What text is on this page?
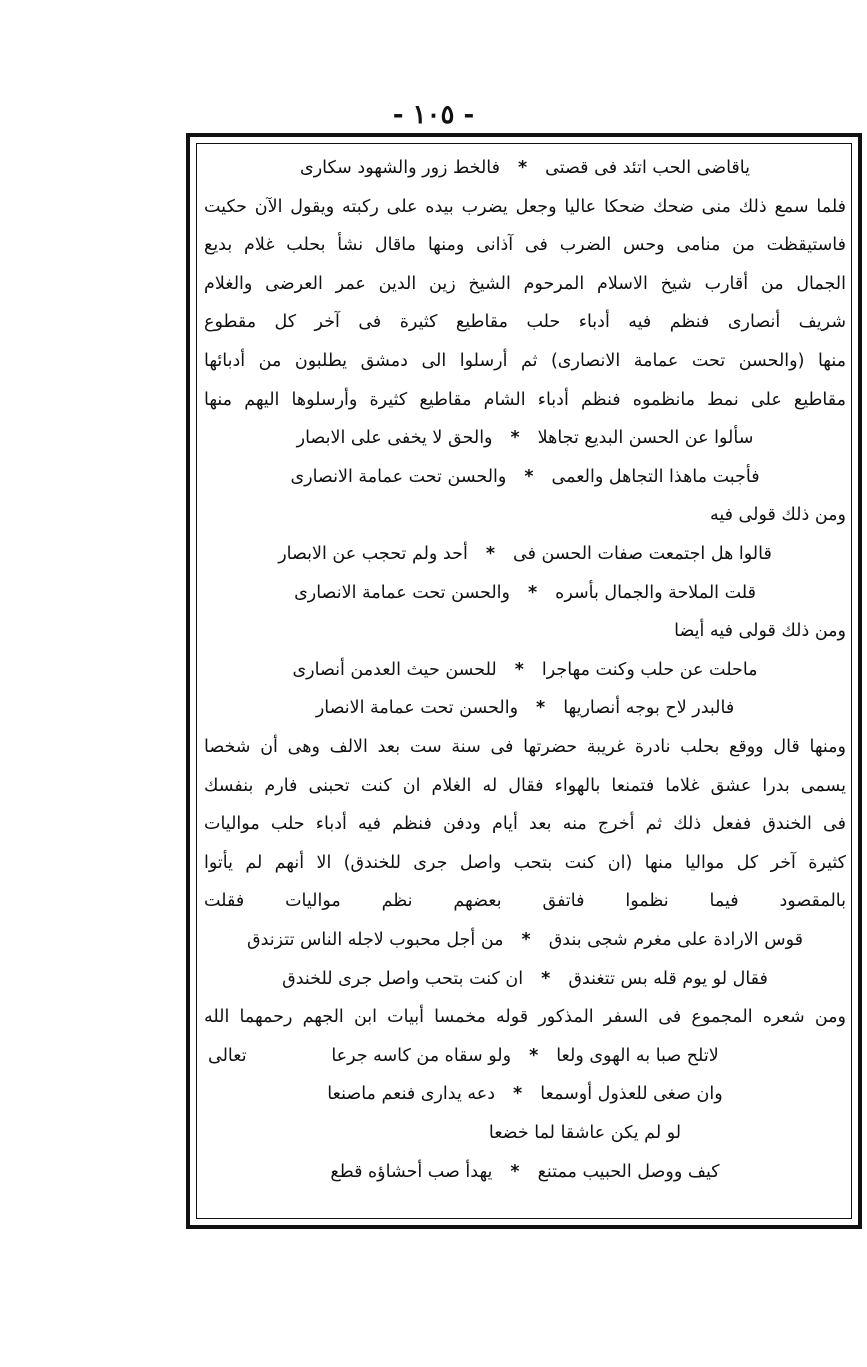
- ١٠٥ -
ياقاضى الحب اتئد فى قصتى
*
فالخط زور والشهود سكارى
فلما سمع ذلك منى ضحك ضحكا عاليا وجعل يضرب بيده على ركبته ويقول الآن حكيت
فاستيقظت من منامى وحس الضرب فى آذانى ومنها ماقال نشأ بحلب غلام بديع
الجمال من أقارب شيخ الاسلام المرحوم الشيخ زين الدين عمر العرضى والغلام
شريف أنصارى فنظم فيه أدباء حلب مقاطيع كثيرة فى آخر كل مقطوع
منها (والحسن تحت عمامة الانصارى) ثم أرسلوا الى دمشق يطلبون من أدبائها
مقاطيع على نمط مانظموه فنظم أدباء الشام مقاطيع كثيرة وأرسلوها اليهم منها
سألوا عن الحسن البديع تجاهلا
*
والحق لا يخفى على الابصار
فأجبت ماهذا التجاهل والعمى
*
والحسن تحت عمامة الانصارى
ومن ذلك قولى فيه
قالوا هل اجتمعت صفات الحسن فى
*
أحد ولم تحجب عن الابصار
قلت الملاحة والجمال بأسره
*
والحسن تحت عمامة الانصارى
ومن ذلك قولى فيه أيضا
ماحلت عن حلب وكنت مهاجرا
*
للحسن حيث العدمن أنصارى
فالبدر لاح بوجه أنصاريها
*
والحسن تحت عمامة الانصار
ومنها قال ووقع بحلب نادرة غريبة حضرتها فى سنة ست بعد الالف وهى أن شخصا
يسمى بدرا عشق غلاما فتمنعا بالهواء فقال له الغلام ان كنت تحبنى فارم بنفسك
فى الخندق ففعل ذلك ثم أخرج منه بعد أيام ودفن فنظم فيه أدباء حلب مواليات
كثيرة آخر كل مواليا منها (ان كنت بتحب واصل جرى للخندق) الا أنهم لم يأتوا
بالمقصود فيما نظموا فاتفق بعضهم نظم مواليات فقلت
قوس الارادة على مغرم شجى بندق
*
من أجل محبوب لاجله الناس تتزندق
فقال لو يوم قله بس تتغندق
*
ان كنت بتحب واصل جرى للخندق
ومن شعره المجموع فى السفر المذكور قوله مخمسا أبيات ابن الجهم رحمهما الله
لاتلح صبا به الهوى ولعا
*
ولو سقاه من كاسه جرعا
تعالى
وان صغى للعذول أوسمعا
*
دعه يدارى فنعم ماصنعا
لو لم يكن عاشقا لما خضعا
كيف ووصل الحبيب ممتنع
*
يهدأ صب أحشاؤه قطع
